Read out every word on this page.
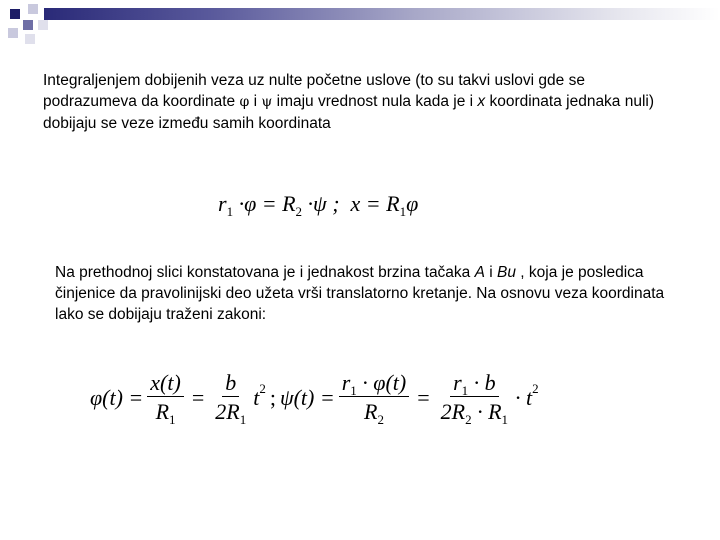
Integraljenjem dobijenih veza uz nulte početne uslove (to su takvi uslovi gde se podrazumeva da koordinate φ i ψ imaju vrednost nula kada je i x koordinata jednaka nuli) dobijaju se veze između samih koordinata

$r_1 \cdot\varphi = R_2 \cdot\psi$ ; $x = R_1\varphi$

Na prethodnoj slici konstatovana je i jednakost brzina tačaka A i Bu , koja je posledica činjenice da pravolinijski deo užeta vrši translatorno kretanje. Na osnovu veza koordinata lako se dobijaju traženi zakoni:

$\varphi(t) = \frac{x(t)}{R_1} = \frac{b}{2R_1}$ t 2 ; $\psi(t) = \frac{r_1 \cdot \varphi(t)}{R_2} = \frac{r_1 \cdot b}{2R_2 \cdot R_1} \cdot t$ 2
